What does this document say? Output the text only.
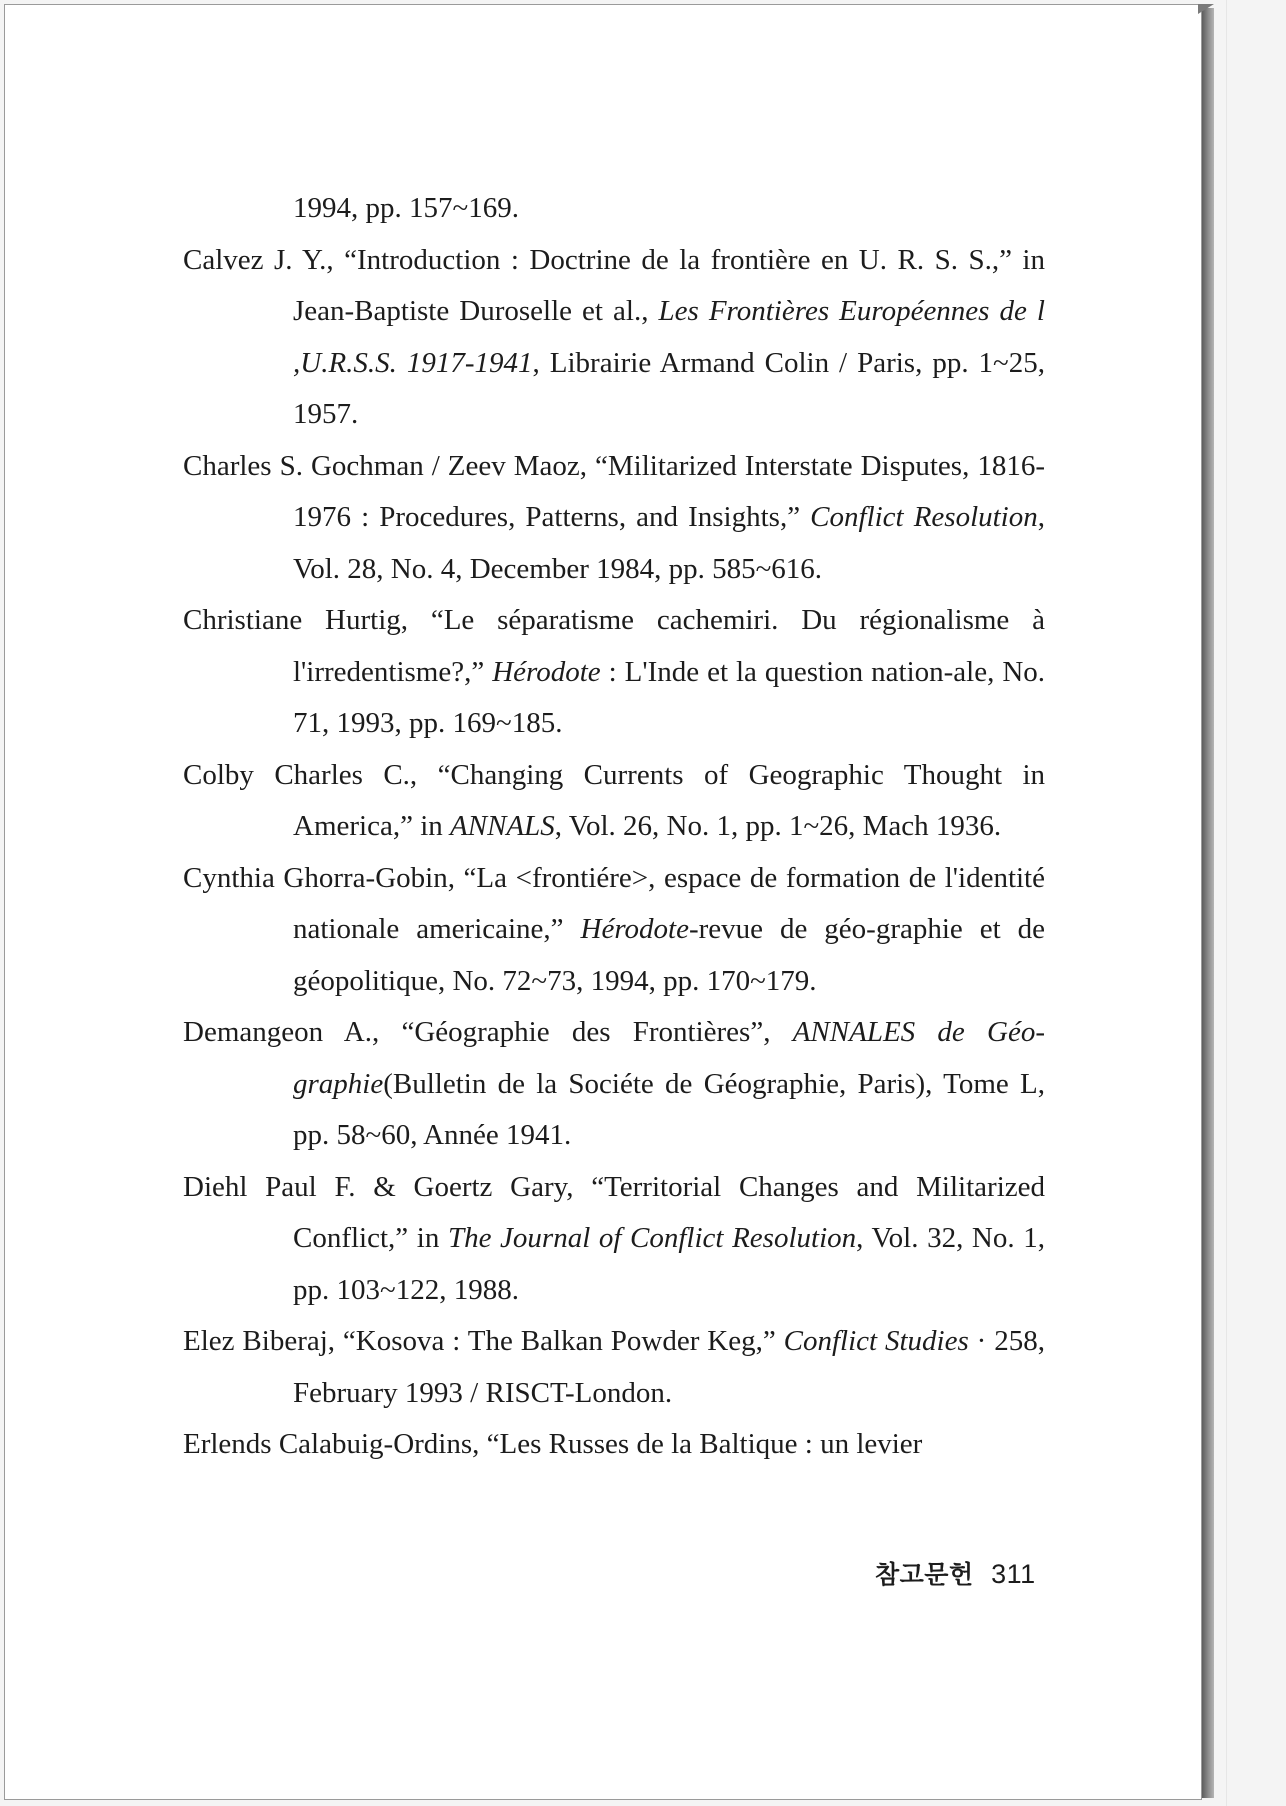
1994, pp. 157~169.

Calvez J. Y., “Introduction : Doctrine de la frontière en U. R. S. S.,” in Jean-Baptiste Duroselle et al., Les Frontières Européennes de l ,U.R.S.S. 1917-1941, Librairie Armand Colin / Paris, pp. 1~25, 1957.

Charles S. Gochman / Zeev Maoz, “Militarized Interstate Disputes, 1816-1976 : Procedures, Patterns, and Insights,” Conflict Resolution, Vol. 28, No. 4, December 1984, pp. 585~616.

Christiane Hurtig, “Le séparatisme cachemiri. Du régionalisme à l'irredentisme?,” Hérodote : L'Inde et la question nation-ale, No. 71, 1993, pp. 169~185.

Colby Charles C., “Changing Currents of Geographic Thought in America,” in ANNALS, Vol. 26, No. 1, pp. 1~26, Mach 1936.

Cynthia Ghorra-Gobin, “La <frontiére>, espace de formation de l'identité nationale americaine,” Hérodote-revue de géo-graphie et de géopolitique, No. 72~73, 1994, pp. 170~179.

Demangeon A., “Géographie des Frontières”, ANNALES de Géo-graphie(Bulletin de la Sociéte de Géographie, Paris), Tome L, pp. 58~60, Année 1941.

Diehl Paul F. & Goertz Gary, “Territorial Changes and Militarized Conflict,” in The Journal of Conflict Resolution, Vol. 32, No. 1, pp. 103~122, 1988.

Elez Biberaj, “Kosova : The Balkan Powder Keg,” Conflict Studies · 258, February 1993 / RISCT-London.

Erlends Calabuig-Ordins, “Les Russes de la Baltique : un levier

참고문헌 311
